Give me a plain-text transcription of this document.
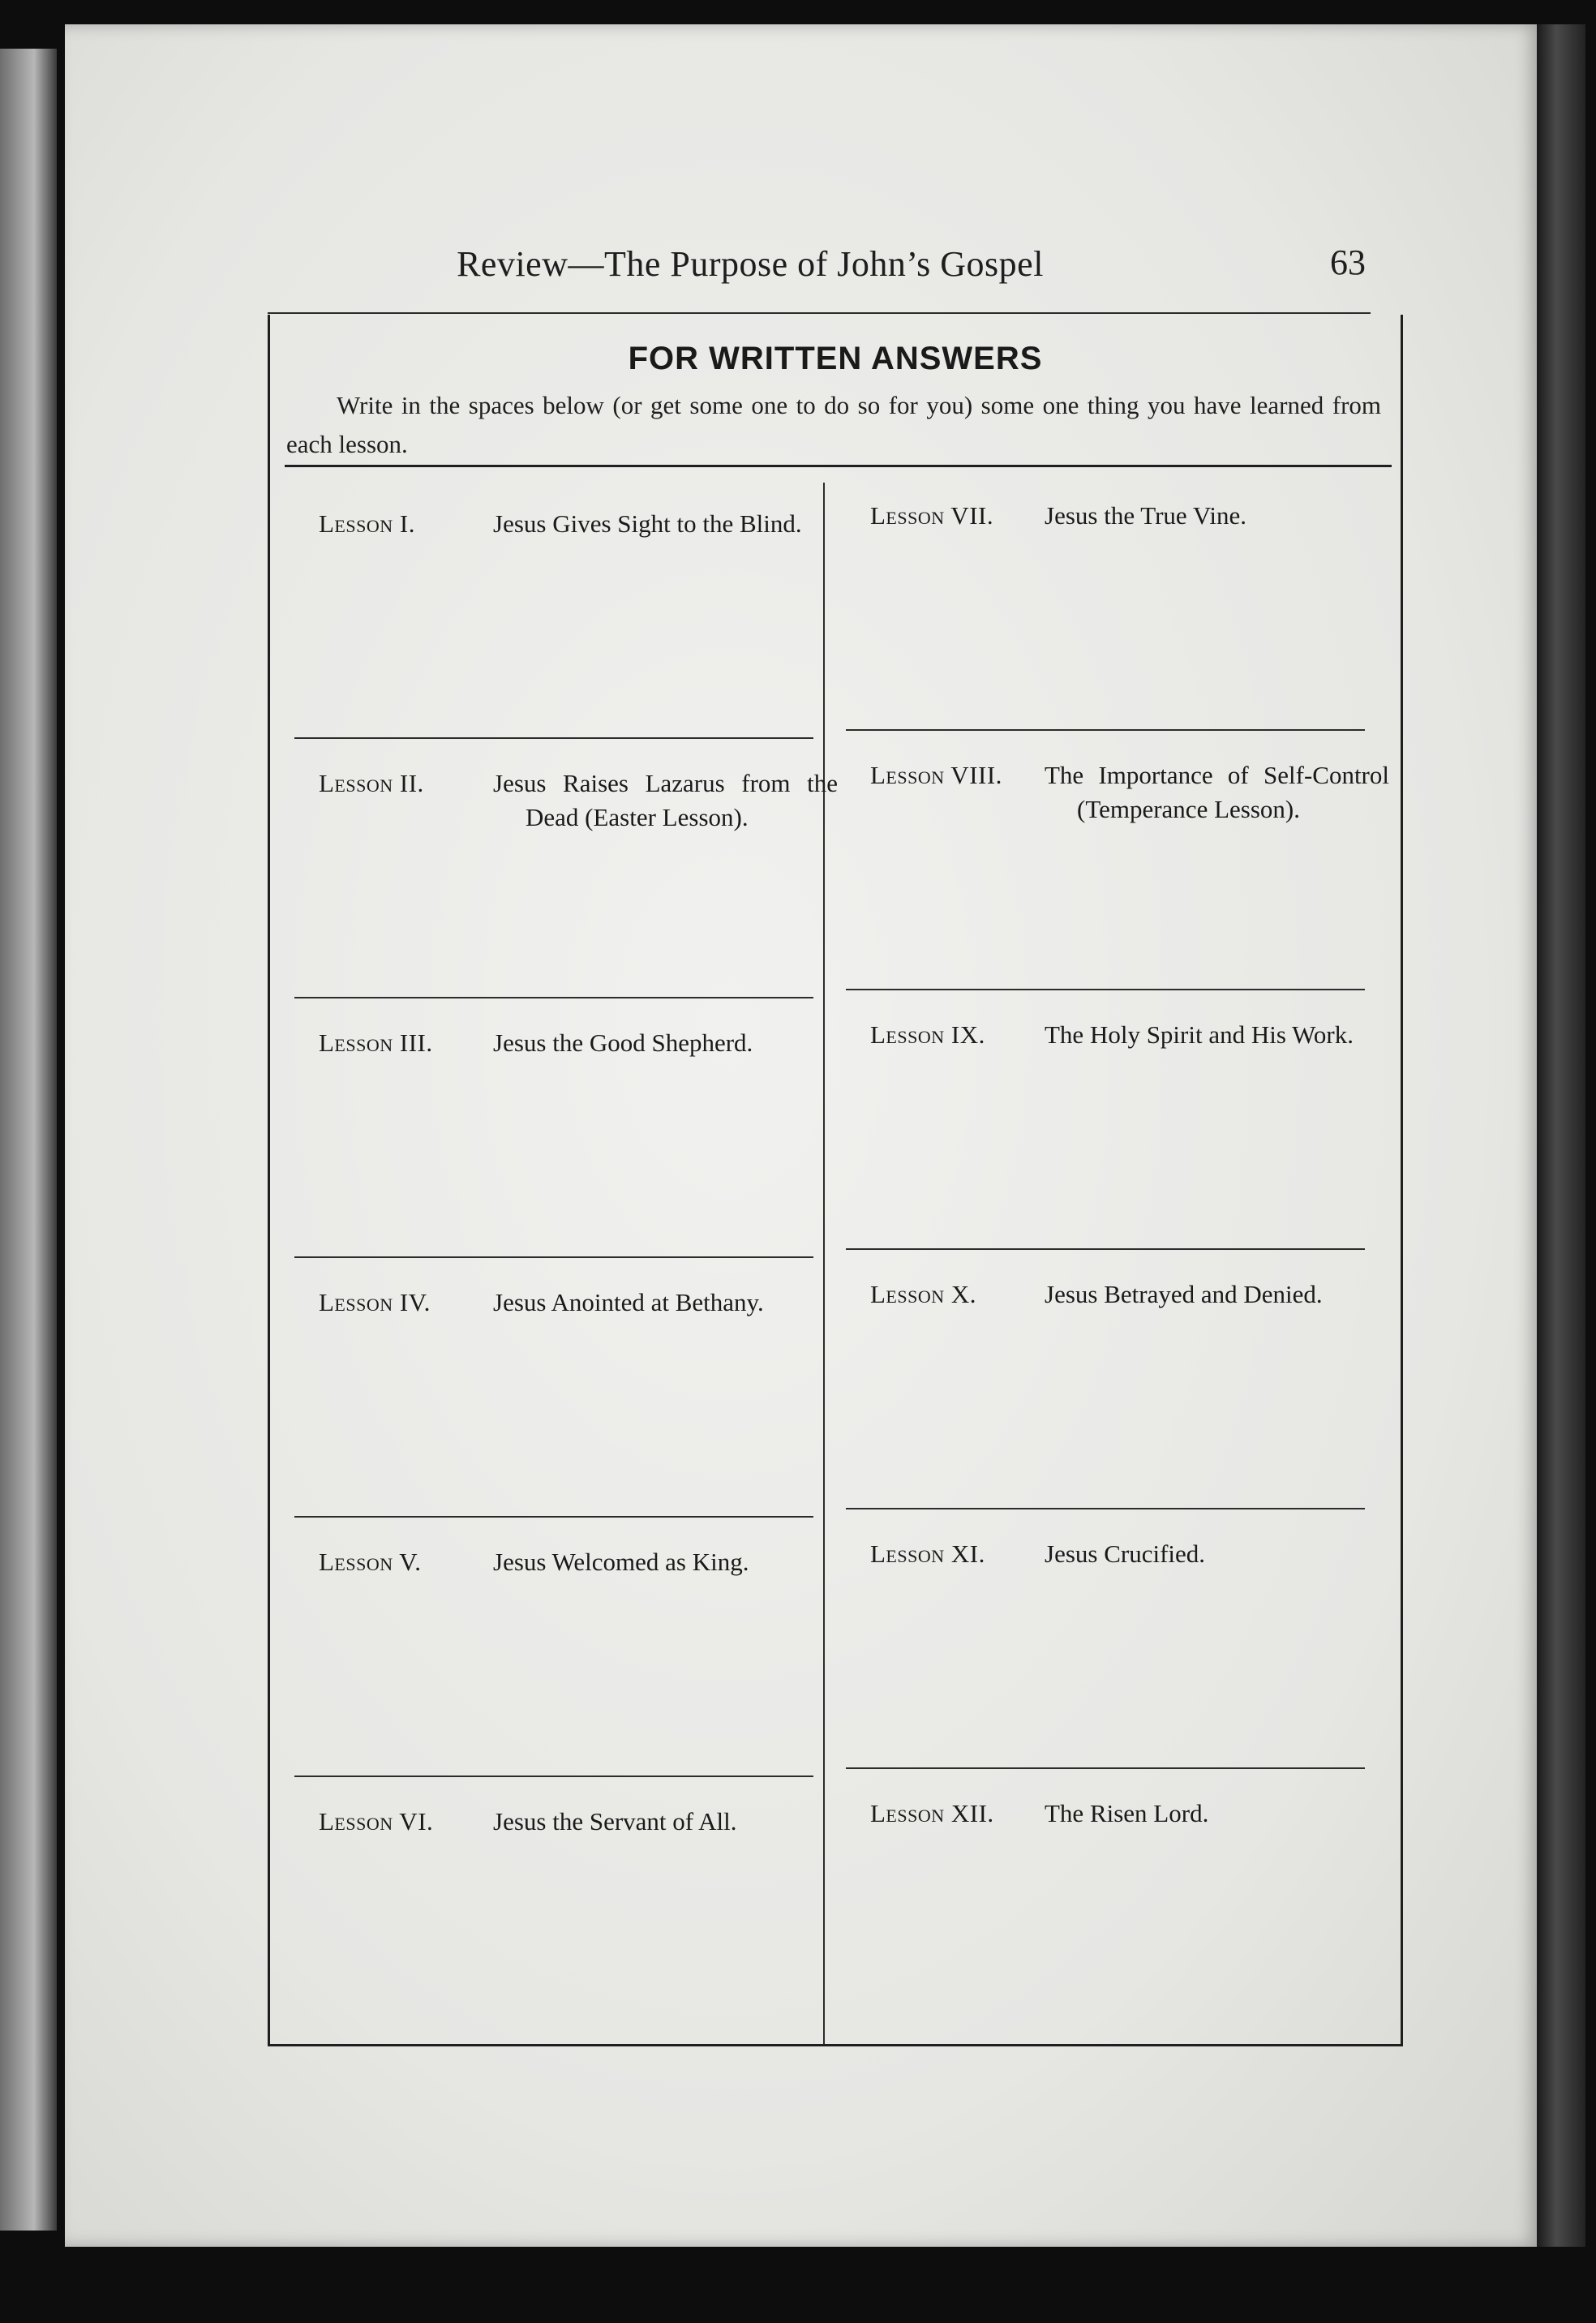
Review—The Purpose of John’s Gospel	63
FOR WRITTEN ANSWERS
Write in the spaces below (or get some one to do so for you) some one thing you have learned from each lesson.
Lesson I.	Jesus Gives Sight to the Blind.
Lesson II.	Jesus Raises Lazarus from the Dead (Easter Lesson).
Lesson III. Jesus the Good Shepherd.
Lesson IV. Jesus Anointed at Bethany.
Lesson V.	Jesus Welcomed as King.
Lesson VI. Jesus the Servant of All.
Lesson VII. Jesus the True Vine.
Lesson VIII. The Importance of Self-Control (Temperance Lesson).
Lesson IX. The Holy Spirit and His Work.
Lesson X.	Jesus Betrayed and Denied.
Lesson XI. Jesus Crucified.
Lesson XII. The Risen Lord.
